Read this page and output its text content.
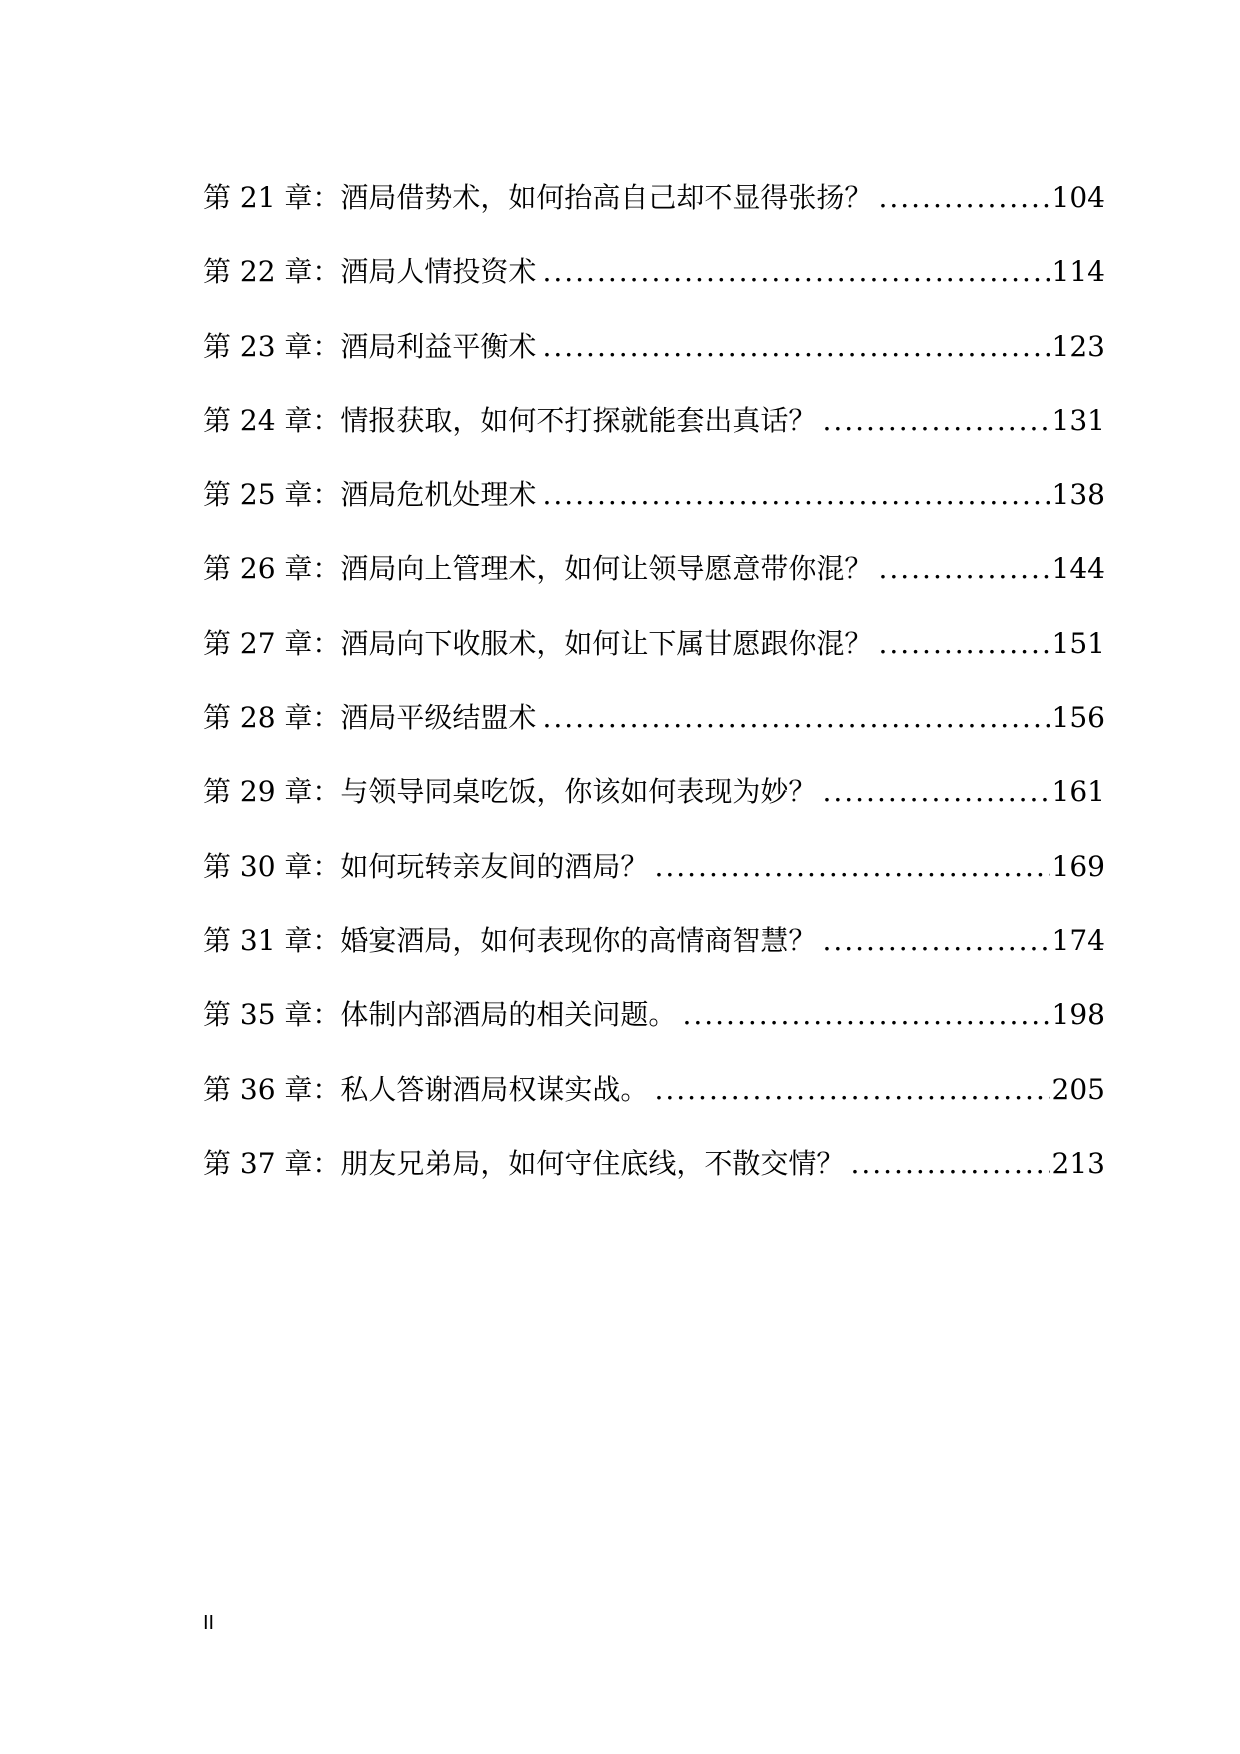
第 21 章：酒局借势术，如何抬高自己却不显得张扬？ .....	104
第 22 章：酒局人情投资术 .....	114
第 23 章：酒局利益平衡术 .....	123
第 24 章：情报获取，如何不打探就能套出真话？ .....	131
第 25 章：酒局危机处理术 .....	138
第 26 章：酒局向上管理术，如何让领导愿意带你混？ .....	144
第 27 章：酒局向下收服术，如何让下属甘愿跟你混？ .....	151
第 28 章：酒局平级结盟术 .....	156
第 29 章：与领导同桌吃饭，你该如何表现为妙？ .....	161
第 30 章：如何玩转亲友间的酒局？ .....	169
第 31 章：婚宴酒局，如何表现你的高情商智慧？ .....	174
第 35 章：体制内部酒局的相关问题。 .....	198
第 36 章：私人答谢酒局权谋实战。 .....	205
第 37 章：朋友兄弟局，如何守住底线，不散交情？ .....	213
II
